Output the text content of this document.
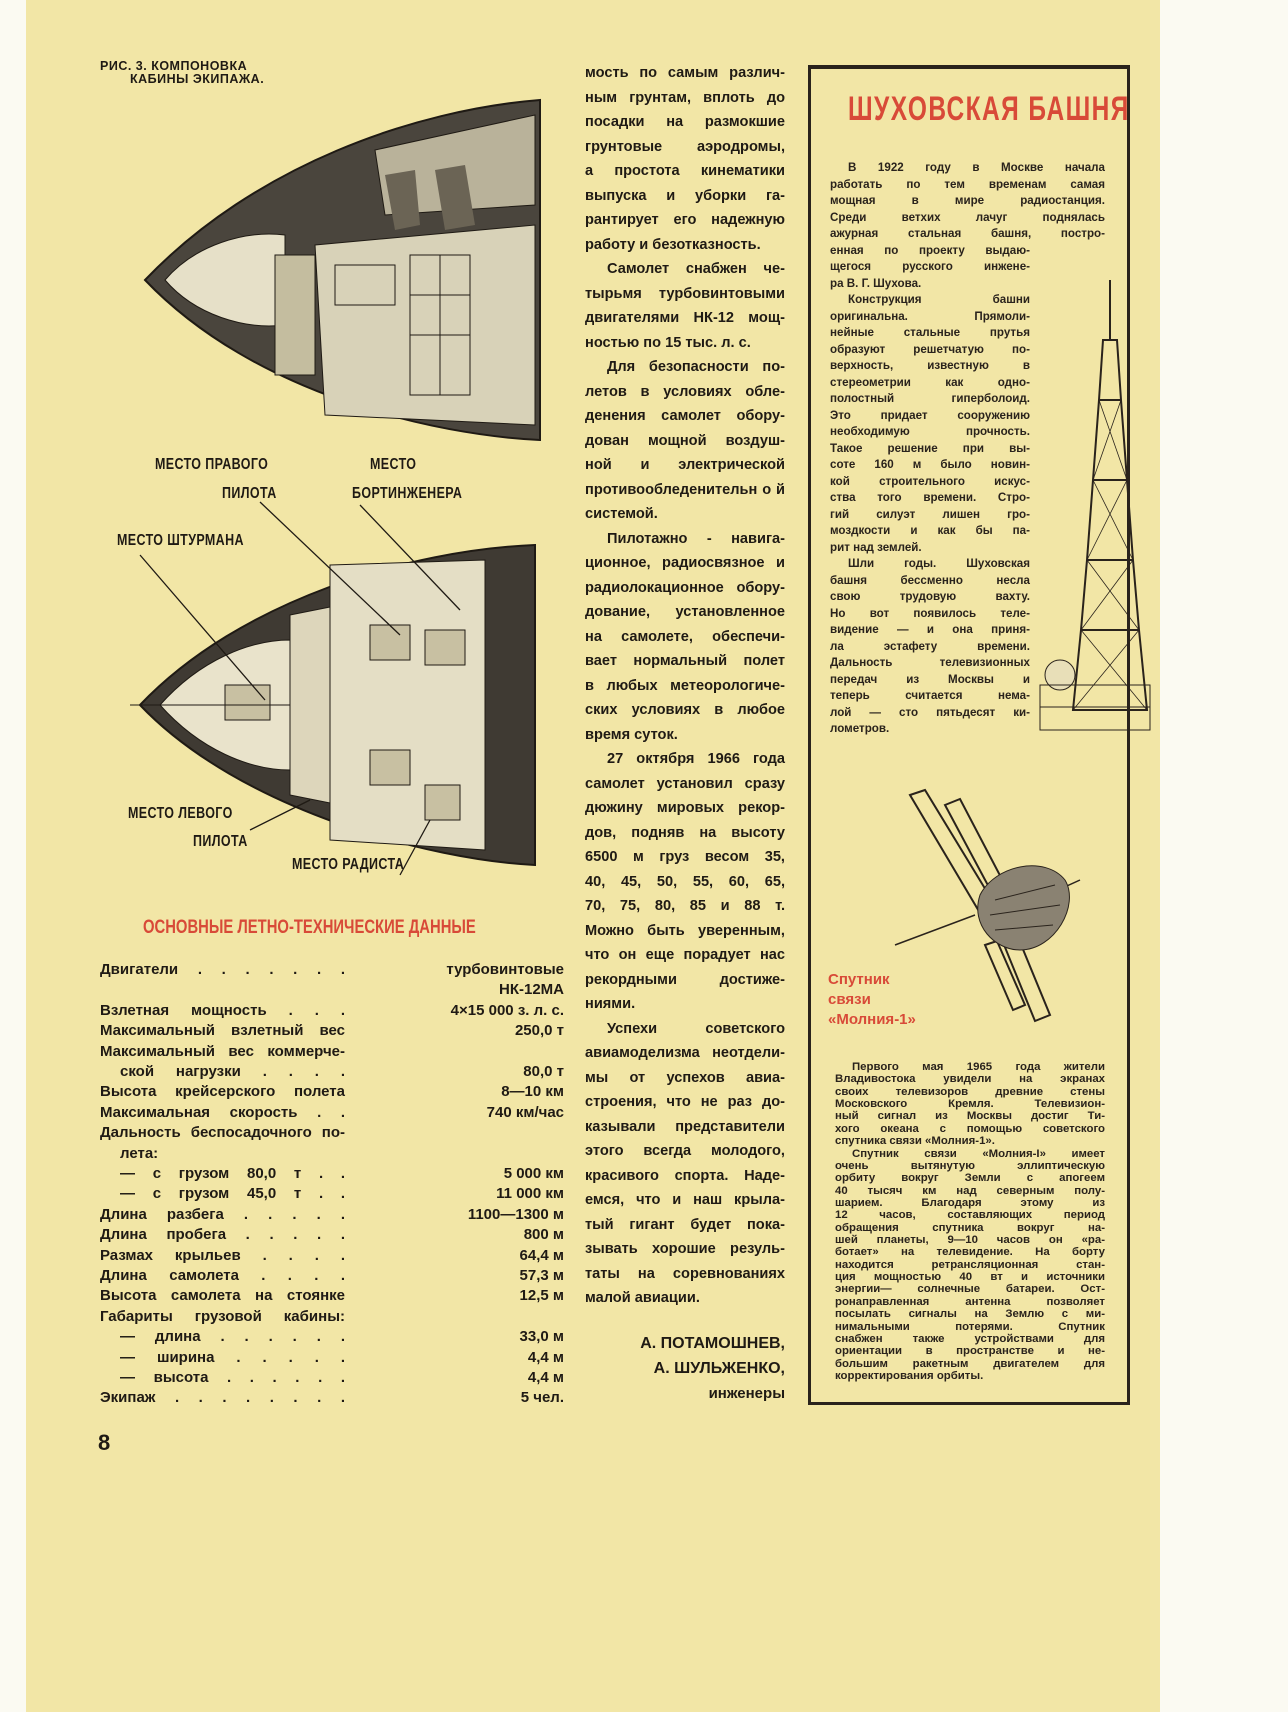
РИС. 3. КОМПОНОВКА
КАБИНЫ ЭКИПАЖА.
МЕСТО ПРАВОГО
ПИЛОТА
МЕСТО
БОРТИНЖЕНЕРА
МЕСТО ШТУРМАНА
МЕСТО ЛЕВОГО
ПИЛОТА
МЕСТО РАДИСТА
ОСНОВНЫЕ ЛЕТНО-ТЕХНИЧЕСКИЕ ДАННЫЕ
Двигатели . . . . . . .	турбовинтовые
НК-12МА
Взлетная мощность . . .	4×15 000 з. л. с.
Максимальный взлетный вес	250,0 т
Максимальный вес коммерче-
ской нагрузки . . . .	80,0 т
Высота крейсерского полета	8—10 км
Максимальная скорость . .	740 км/час
Дальность беспосадочного по-
лета:
— с грузом 80,0 т . .	5 000 км
— с грузом 45,0 т . .	11 000 км
Длина разбега . . . . .	1100—1300 м
Длина пробега . . . . .	800 м
Размах крыльев . . . .	64,4 м
Длина самолета . . . .	57,3 м
Высота самолета на стоянке	12,5 м
Габариты грузовой кабины:
— длина . . . . . .	33,0 м
— ширина . . . . .	4,4 м
— высота . . . . . .	4,4 м
Экипаж . . . . . . . .	5 чел.
мость по самым различ-
ным грунтам, вплоть до
посадки на размокшие
грунтовые аэродромы,
а простота кинематики
выпуска и уборки га-
рантирует его надежную
работу и безотказность.
Самолет снабжен че-
тырьмя турбовинтовыми
двигателями НК-12 мощ-
ностью по 15 тыс. л. с.
Для безопасности по-
летов в условиях обле-
денения самолет обору-
дован мощной воздуш-
ной и электрической
противообледенительн о й
системой.
Пилотажно - навига-
ционное, радиосвязное и
радиолокационное обору-
дование, установленное
на самолете, обеспечи-
вает нормальный полет
в любых метеорологиче-
ских условиях в любое
время суток.
27 октября 1966 года
самолет установил сразу
дюжину мировых рекор-
дов, подняв на высоту
6500 м груз весом 35,
40, 45, 50, 55, 60, 65,
70, 75, 80, 85 и 88 т.
Можно быть уверенным,
что он еще порадует нас
рекордными достиже-
ниями.
Успехи советского
авиамоделизма неотдели-
мы от успехов авиа-
строения, что не раз до-
казывали представители
этого всегда молодого,
красивого спорта. Наде-
емся, что и наш крыла-
тый гигант будет пока-
зывать хорошие резуль-
таты на соревнованиях
малой авиации.
А. ПОТАМОШНЕВ,
А. ШУЛЬЖЕНКО,
инженеры
ШУХОВСКАЯ БАШНЯ
В 1922 году в Москве начала
работать по тем временам самая
мощная в мире радиостанция.
Среди ветхих лачуг поднялась
ажурная стальная башня, постро-
енная по проекту выдаю-
щегося русского инжене-
ра В. Г. Шухова.
Конструкция башни
оригинальна. Прямоли-
нейные стальные прутья
образуют решетчатую по-
верхность, известную в
стереометрии как одно-
полостный гиперболоид.
Это придает сооружению
необходимую прочность.
Такое решение при вы-
соте 160 м было новин-
кой строительного искус-
ства того времени. Стро-
гий силуэт лишен гро-
моздкости и как бы па-
рит над землей.
Шли годы. Шуховская
башня бессменно несла
свою трудовую вахту.
Но вот появилось теле-
видение — и она приня-
ла эстафету времени.
Дальность телевизионных
передач из Москвы и
теперь считается нема-
лой — сто пятьдесят ки-
лометров.
Спутник
связи
«Молния-1»
Первого мая 1965 года жители
Владивостока увидели на экранах
своих телевизоров древние стены
Московского Кремля. Телевизион-
ный сигнал из Москвы достиг Ти-
хого океана с помощью советского
спутника связи «Молния-1».
Спутник связи «Молния-I» имеет
очень вытянутую эллиптическую
орбиту вокруг Земли с апогеем
40 тысяч км над северным полу-
шарием. Благодаря этому из
12 часов, составляющих период
обращения спутника вокруг на-
шей планеты, 9—10 часов он «ра-
ботает» на телевидение. На борту
находится ретрансляционная стан-
ция мощностью 40 вт и источники
энергии— солнечные батареи. Ост-
ронаправленная антенна позволяет
посылать сигналы на Землю с ми-
нимальными потерями. Спутник
снабжен также устройствами для
ориентации в пространстве и не-
большим ракетным двигателем для
корректирования орбиты.
8
